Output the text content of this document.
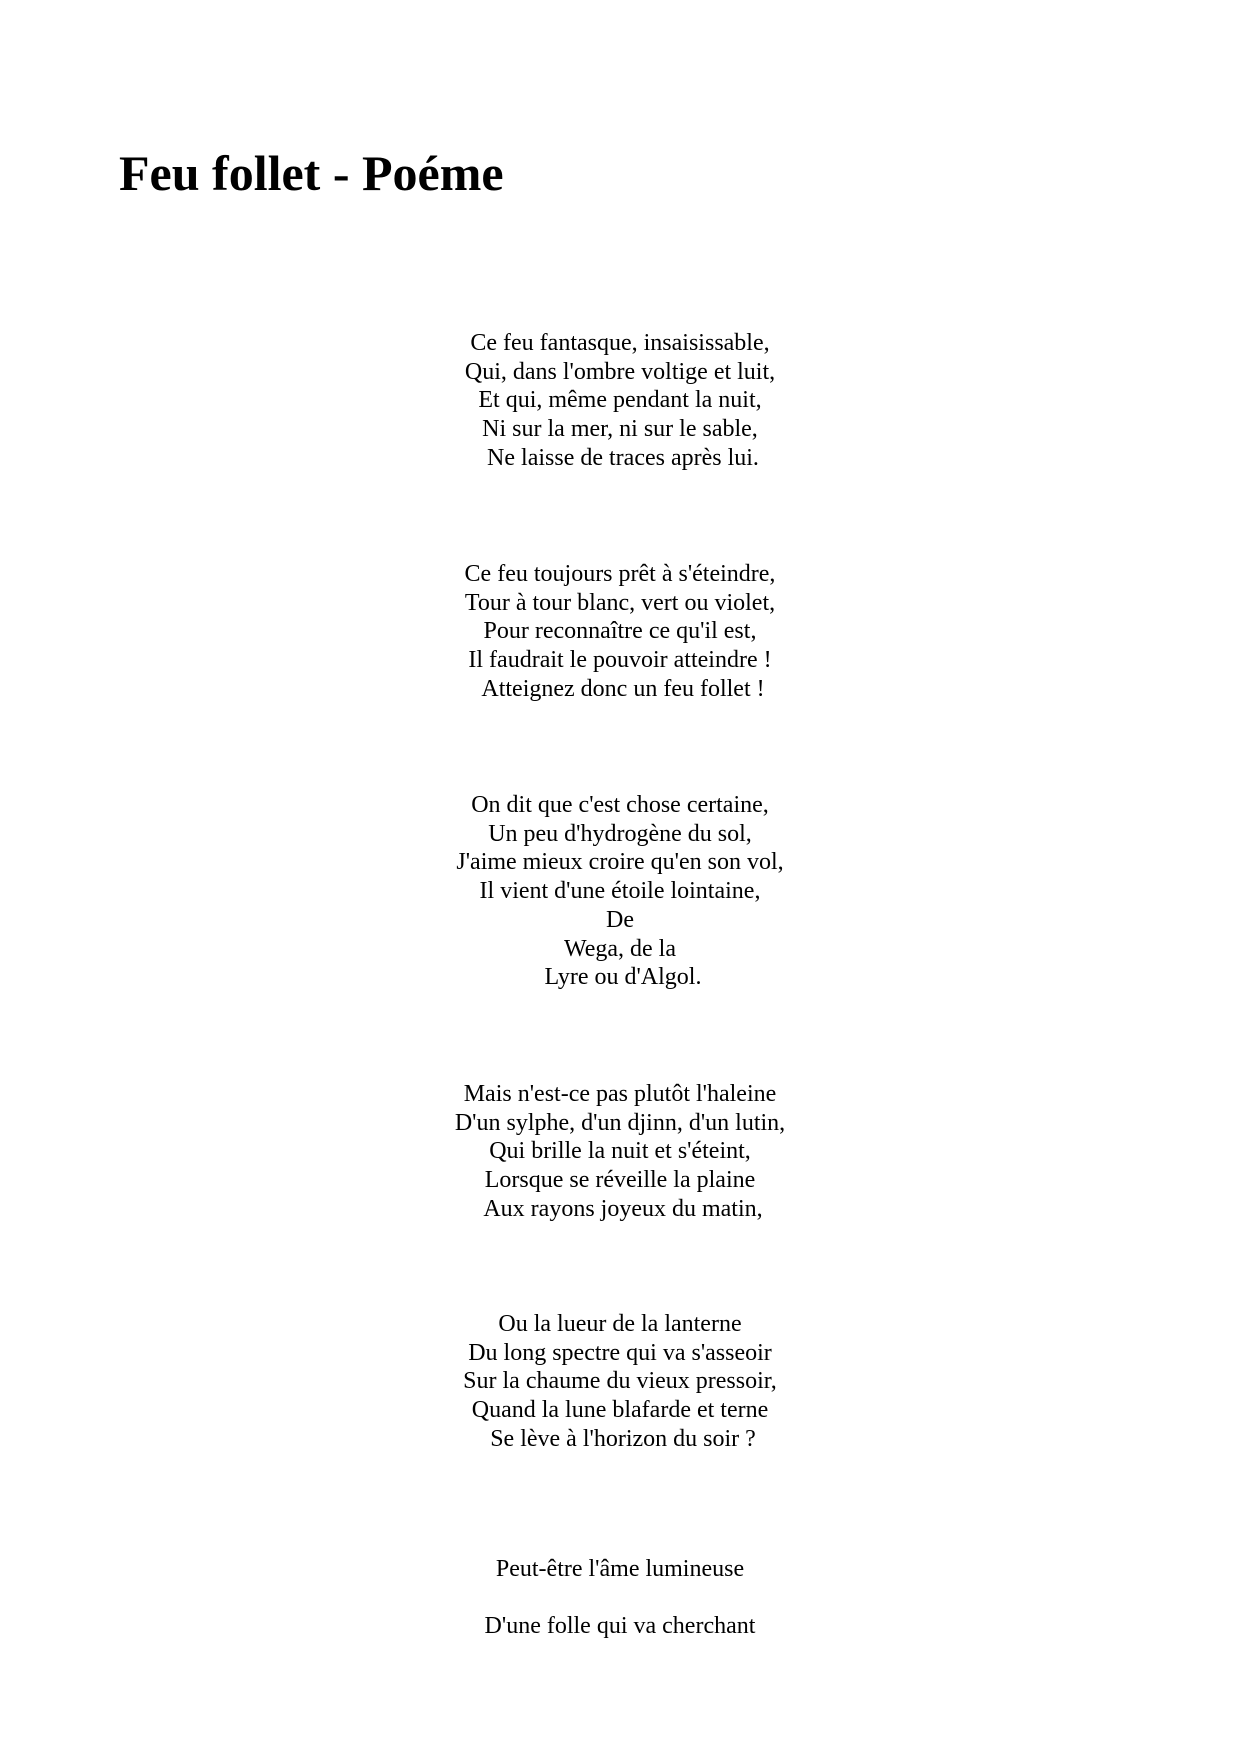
Feu follet - Poéme
Ce feu fantasque, insaisissable,
Qui, dans l'ombre voltige et luit,
Et qui, même pendant la nuit,
Ni sur la mer, ni sur le sable,
Ne laisse de traces après lui.
Ce feu toujours prêt à s'éteindre,
Tour à tour blanc, vert ou violet,
Pour reconnaître ce qu'il est,
Il faudrait le pouvoir atteindre !
Atteignez donc un feu follet !
On dit que c'est chose certaine,
Un peu d'hydrogène du sol,
J'aime mieux croire qu'en son vol,
Il vient d'une étoile lointaine,
De
Wega, de la
Lyre ou d'Algol.
Mais n'est-ce pas plutôt l'haleine
D'un sylphe, d'un djinn, d'un lutin,
Qui brille la nuit et s'éteint,
Lorsque se réveille la plaine
Aux rayons joyeux du matin,
Ou la lueur de la lanterne
Du long spectre qui va s'asseoir
Sur la chaume du vieux pressoir,
Quand la lune blafarde et terne
Se lève à l'horizon du soir ?
Peut-être l'âme lumineuse
D'une folle qui va cherchant
